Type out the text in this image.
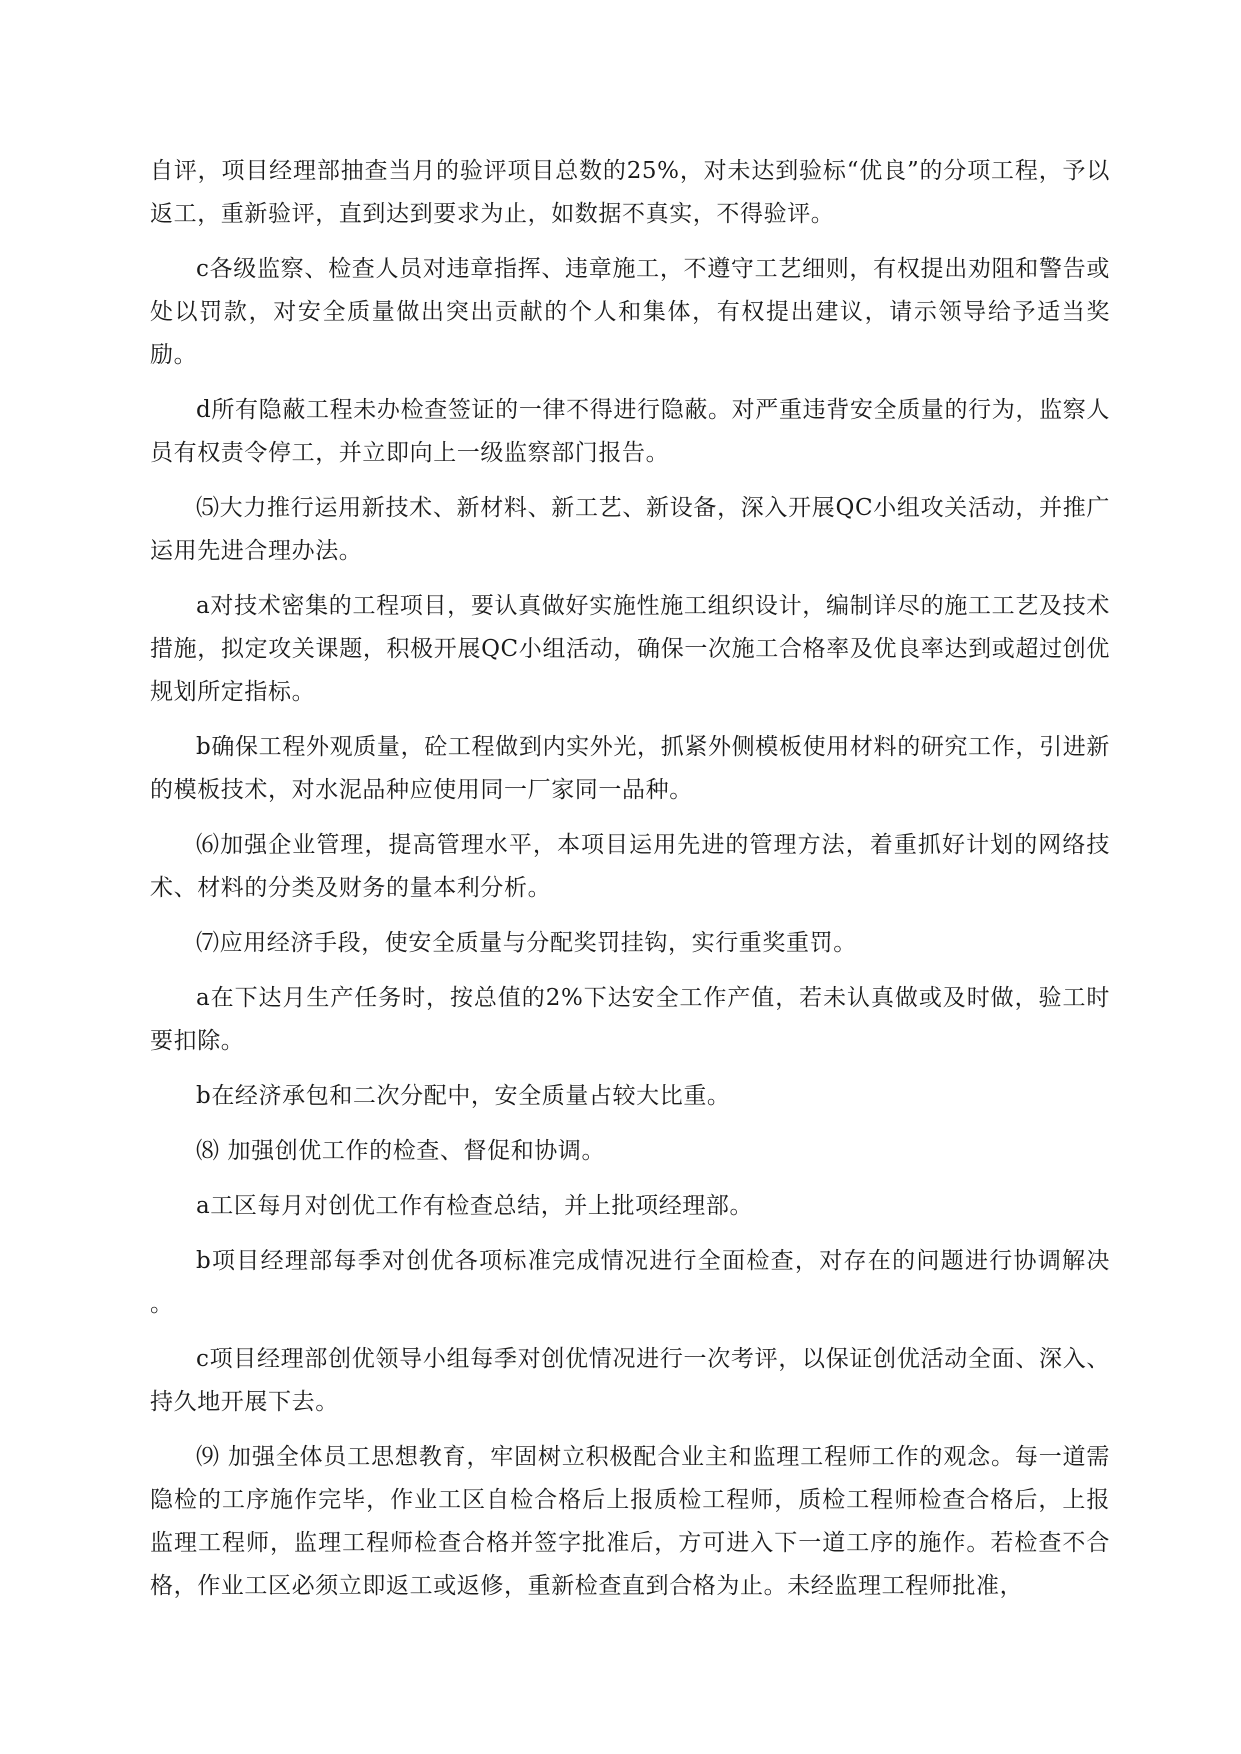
自评，项目经理部抽查当月的验评项目总数的25%，对未达到验标“优良”的分项工程，予以返工，重新验评，直到达到要求为止，如数据不真实，不得验评。

c各级监察、检查人员对违章指挥、违章施工，不遵守工艺细则，有权提出劝阻和警告或处以罚款，对安全质量做出突出贡献的个人和集体，有权提出建议，请示领导给予适当奖励。

d所有隐蔽工程未办检查签证的一律不得进行隐蔽。对严重违背安全质量的行为，监察人员有权责令停工，并立即向上一级监察部门报告。

⑸大力推行运用新技术、新材料、新工艺、新设备，深入开展QC小组攻关活动，并推广运用先进合理办法。

a对技术密集的工程项目，要认真做好实施性施工组织设计，编制详尽的施工工艺及技术措施，拟定攻关课题，积极开展QC小组活动，确保一次施工合格率及优良率达到或超过创优规划所定指标。

b确保工程外观质量，砼工程做到内实外光，抓紧外侧模板使用材料的研究工作，引进新的模板技术，对水泥品种应使用同一厂家同一品种。

⑹加强企业管理，提高管理水平，本项目运用先进的管理方法，着重抓好计划的网络技术、材料的分类及财务的量本利分析。

⑺应用经济手段，使安全质量与分配奖罚挂钩，实行重奖重罚。

a在下达月生产任务时，按总值的2%下达安全工作产值，若未认真做或及时做，验工时要扣除。

b在经济承包和二次分配中，安全质量占较大比重。

⑻ 加强创优工作的检查、督促和协调。

a工区每月对创优工作有检查总结，并上批项经理部。

b项目经理部每季对创优各项标准完成情况进行全面检查，对存在的问题进行协调解决 。

c项目经理部创优领导小组每季对创优情况进行一次考评，以保证创优活动全面、深入、持久地开展下去。

⑼ 加强全体员工思想教育，牢固树立积极配合业主和监理工程师工作的观念。每一道需隐检的工序施作完毕，作业工区自检合格后上报质检工程师，质检工程师检查合格后，上报监理工程师，监理工程师检查合格并签字批准后，方可进入下一道工序的施作。若检查不合格，作业工区必须立即返工或返修，重新检查直到合格为止。未经监理工程师批准，
